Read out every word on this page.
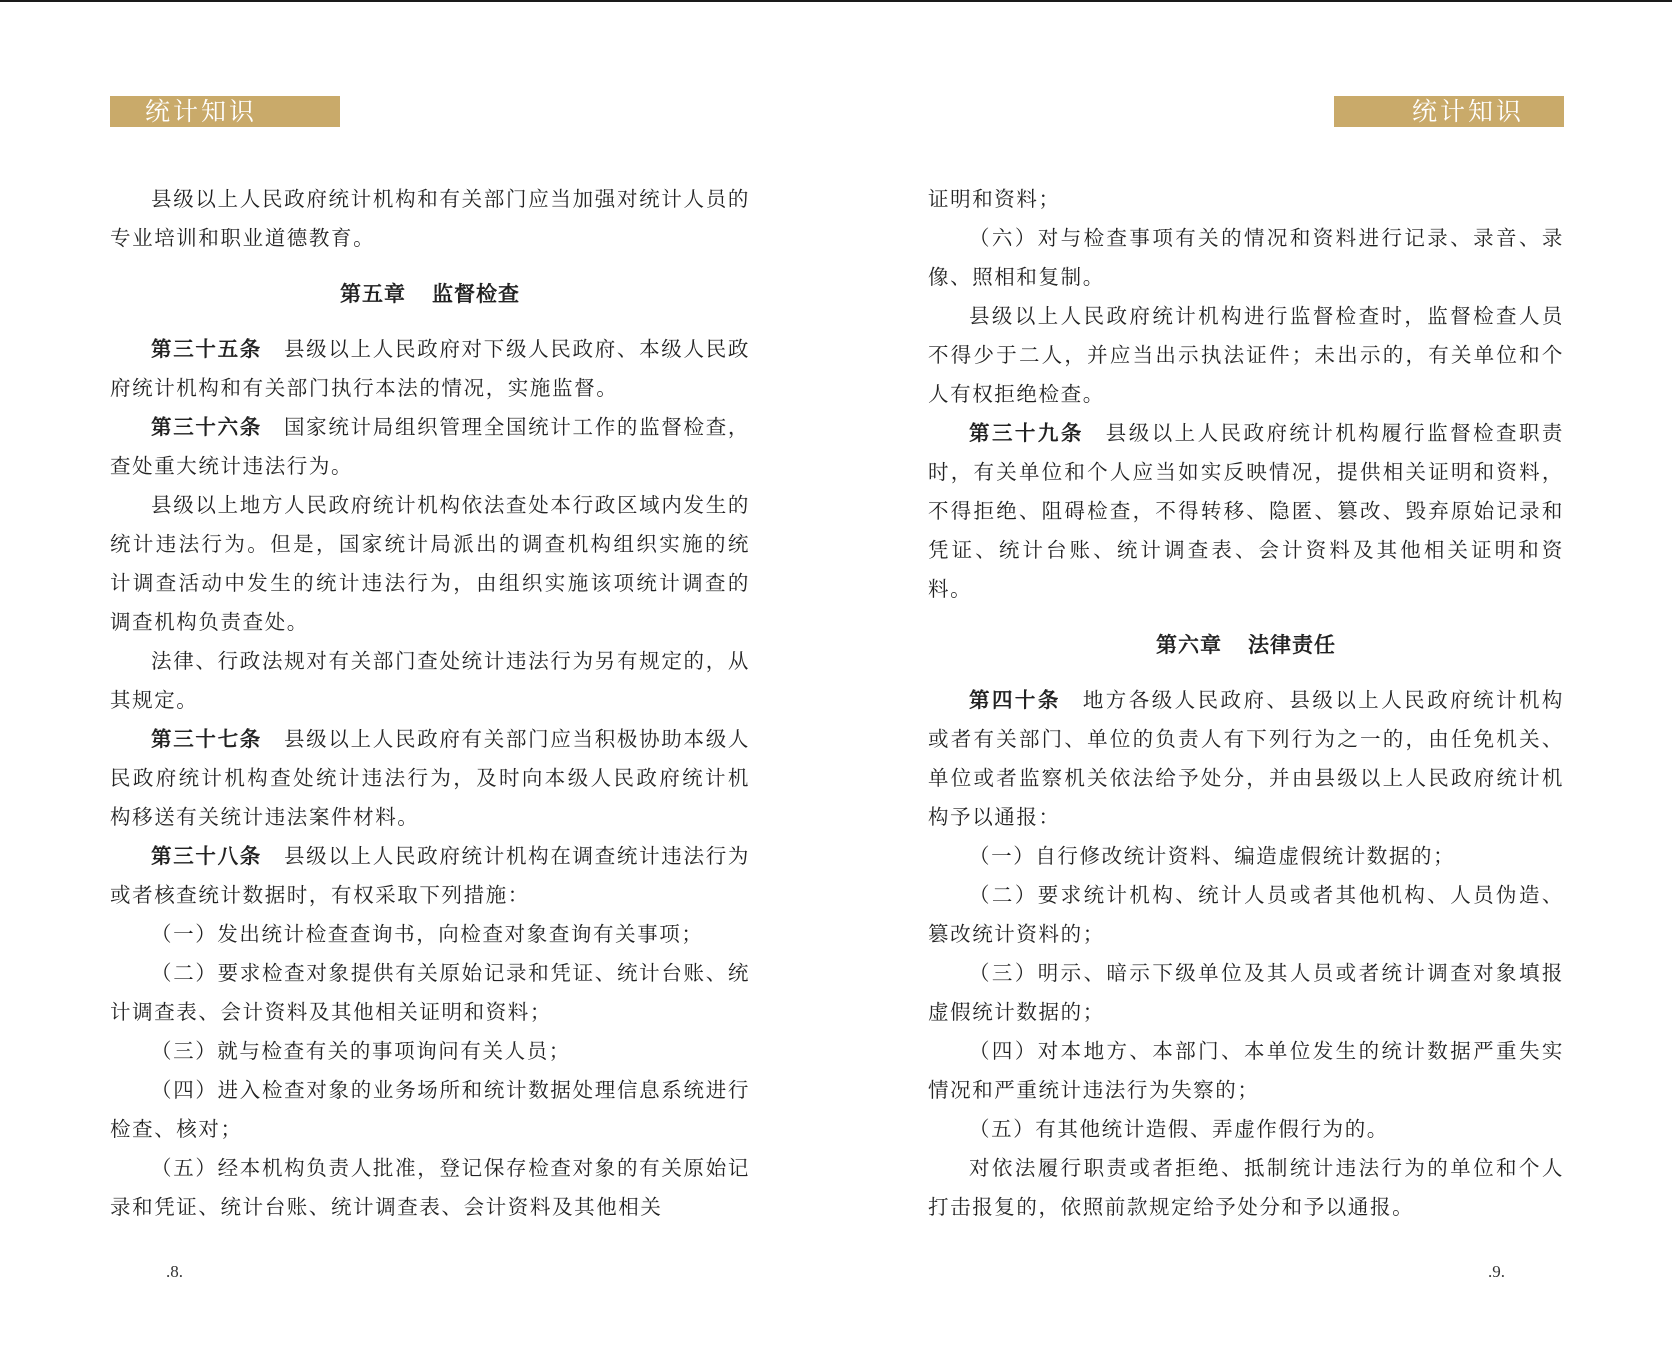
统计知识

县级以上人民政府统计机构和有关部门应当加强对统计人员的专业培训和职业道德教育。

第五章 监督检查

第三十五条 县级以上人民政府对下级人民政府、本级人民政府统计机构和有关部门执行本法的情况，实施监督。

第三十六条 国家统计局组织管理全国统计工作的监督检查，查处重大统计违法行为。

县级以上地方人民政府统计机构依法查处本行政区域内发生的统计违法行为。但是，国家统计局派出的调查机构组织实施的统计调查活动中发生的统计违法行为，由组织实施该项统计调查的调查机构负责查处。

法律、行政法规对有关部门查处统计违法行为另有规定的，从其规定。

第三十七条 县级以上人民政府有关部门应当积极协助本级人民政府统计机构查处统计违法行为，及时向本级人民政府统计机构移送有关统计违法案件材料。

第三十八条 县级以上人民政府统计机构在调查统计违法行为或者核查统计数据时，有权采取下列措施：

（一）发出统计检查查询书，向检查对象查询有关事项；

（二）要求检查对象提供有关原始记录和凭证、统计台账、统计调查表、会计资料及其他相关证明和资料；

（三）就与检查有关的事项询问有关人员；

（四）进入检查对象的业务场所和统计数据处理信息系统进行检查、核对；

（五）经本机构负责人批准，登记保存检查对象的有关原始记录和凭证、统计台账、统计调查表、会计资料及其他相关

.8.
统计知识

证明和资料；

（六）对与检查事项有关的情况和资料进行记录、录音、录像、照相和复制。

县级以上人民政府统计机构进行监督检查时，监督检查人员不得少于二人，并应当出示执法证件；未出示的，有关单位和个人有权拒绝检查。

第三十九条 县级以上人民政府统计机构履行监督检查职责时，有关单位和个人应当如实反映情况，提供相关证明和资料，不得拒绝、阻碍检查，不得转移、隐匿、篡改、毁弃原始记录和凭证、统计台账、统计调查表、会计资料及其他相关证明和资料。

第六章 法律责任

第四十条 地方各级人民政府、县级以上人民政府统计机构或者有关部门、单位的负责人有下列行为之一的，由任免机关、单位或者监察机关依法给予处分，并由县级以上人民政府统计机构予以通报：

（一）自行修改统计资料、编造虚假统计数据的；

（二）要求统计机构、统计人员或者其他机构、人员伪造、篡改统计资料的；

（三）明示、暗示下级单位及其人员或者统计调查对象填报虚假统计数据的；

（四）对本地方、本部门、本单位发生的统计数据严重失实情况和严重统计违法行为失察的；

（五）有其他统计造假、弄虚作假行为的。

对依法履行职责或者拒绝、抵制统计违法行为的单位和个人打击报复的，依照前款规定给予处分和予以通报。

.9.
